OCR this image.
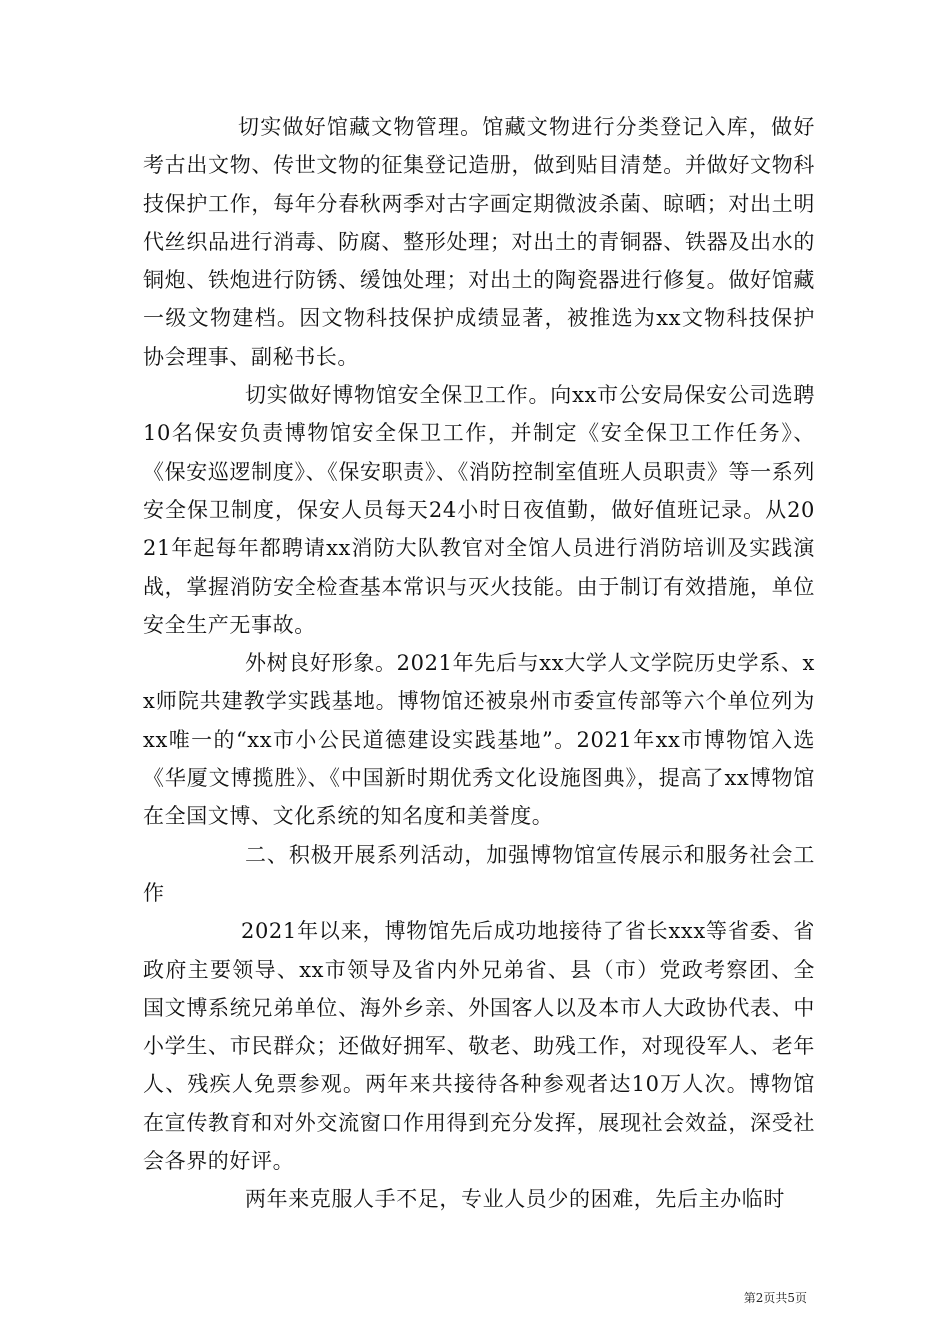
切实做好馆藏文物管理。馆藏文物进行分类登记入库，做好考古出文物、传世文物的征集登记造册，做到贴目清楚。并做好文物科技保护工作，每年分春秋两季对古字画定期微波杀菌、晾晒；对出土明代丝织品进行消毒、防腐、整形处理；对出土的青铜器、铁器及出水的铜炮、铁炮进行防锈、缓蚀处理；对出土的陶瓷器进行修复。做好馆藏一级文物建档。因文物科技保护成绩显著，被推选为xx文物科技保护协会理事、副秘书长。

切实做好博物馆安全保卫工作。向xx市公安局保安公司选聘10名保安负责博物馆安全保卫工作，并制定《安全保卫工作任务》、《保安巡逻制度》、《保安职责》、《消防控制室值班人员职责》等一系列安全保卫制度，保安人员每天24小时日夜值勤，做好值班记录。从2021年起每年都聘请xx消防大队教官对全馆人员进行消防培训及实践演战，掌握消防安全检查基本常识与灭火技能。由于制订有效措施，单位安全生产无事故。

外树良好形象。2021年先后与xx大学人文学院历史学系、xx师院共建教学实践基地。博物馆还被泉州市委宣传部等六个单位列为xx唯一的“xx市小公民道德建设实践基地”。2021年xx市博物馆入选《华厦文博揽胜》、《中国新时期优秀文化设施图典》，提高了xx博物馆在全国文博、文化系统的知名度和美誉度。

二、积极开展系列活动，加强博物馆宣传展示和服务社会工作

2021年以来，博物馆先后成功地接待了省长xxx等省委、省政府主要领导、xx市领导及省内外兄弟省、县（市）党政考察团、全国文博系统兄弟单位、海外乡亲、外国客人以及本市人大政协代表、中小学生、市民群众；还做好拥军、敬老、助残工作，对现役军人、老年人、残疾人免票参观。两年来共接待各种参观者达10万人次。博物馆在宣传教育和对外交流窗口作用得到充分发挥，展现社会效益，深受社会各界的好评。

两年来克服人手不足，专业人员少的困难，先后主办临时

第2页共5页
